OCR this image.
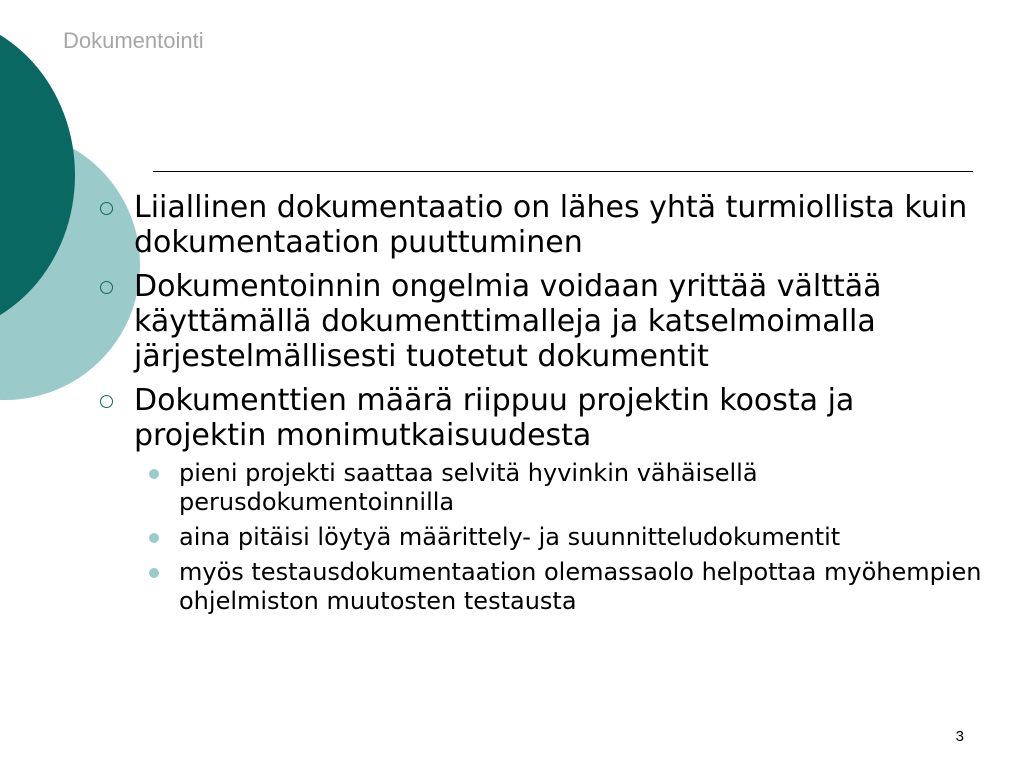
Dokumentointi
Liiallinen dokumentaatio on lähes yhtä turmiollista kuin dokumentaation puuttuminen
Dokumentoinnin ongelmia voidaan yrittää välttää käyttämällä dokumenttimalleja ja katselmoimalla järjestelmällisesti tuotetut dokumentit
Dokumenttien määrä riippuu projektin koosta ja projektin monimutkaisuudesta
pieni projekti saattaa selvitä hyvinkin vähäisellä perusdokumentoinnilla
aina pitäisi löytyä määrittely- ja suunnitteludokumentit
myös testausdokumentaation olemassaolo helpottaa myöhempien ohjelmiston muutosten testausta
3
